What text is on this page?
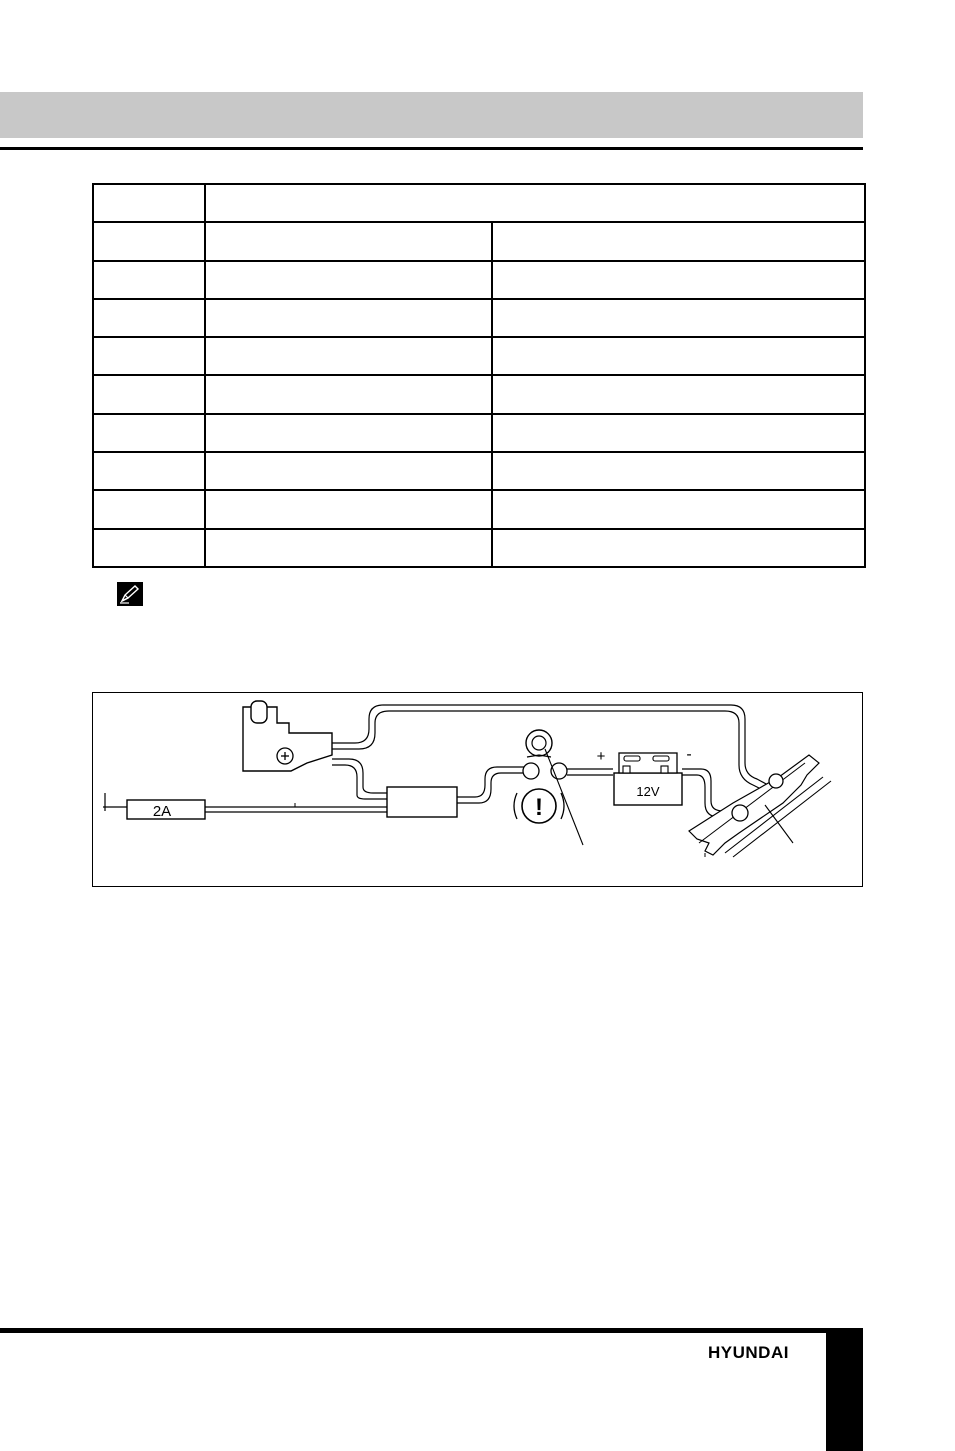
2A	!
+	-
12V
HYUNDAI
